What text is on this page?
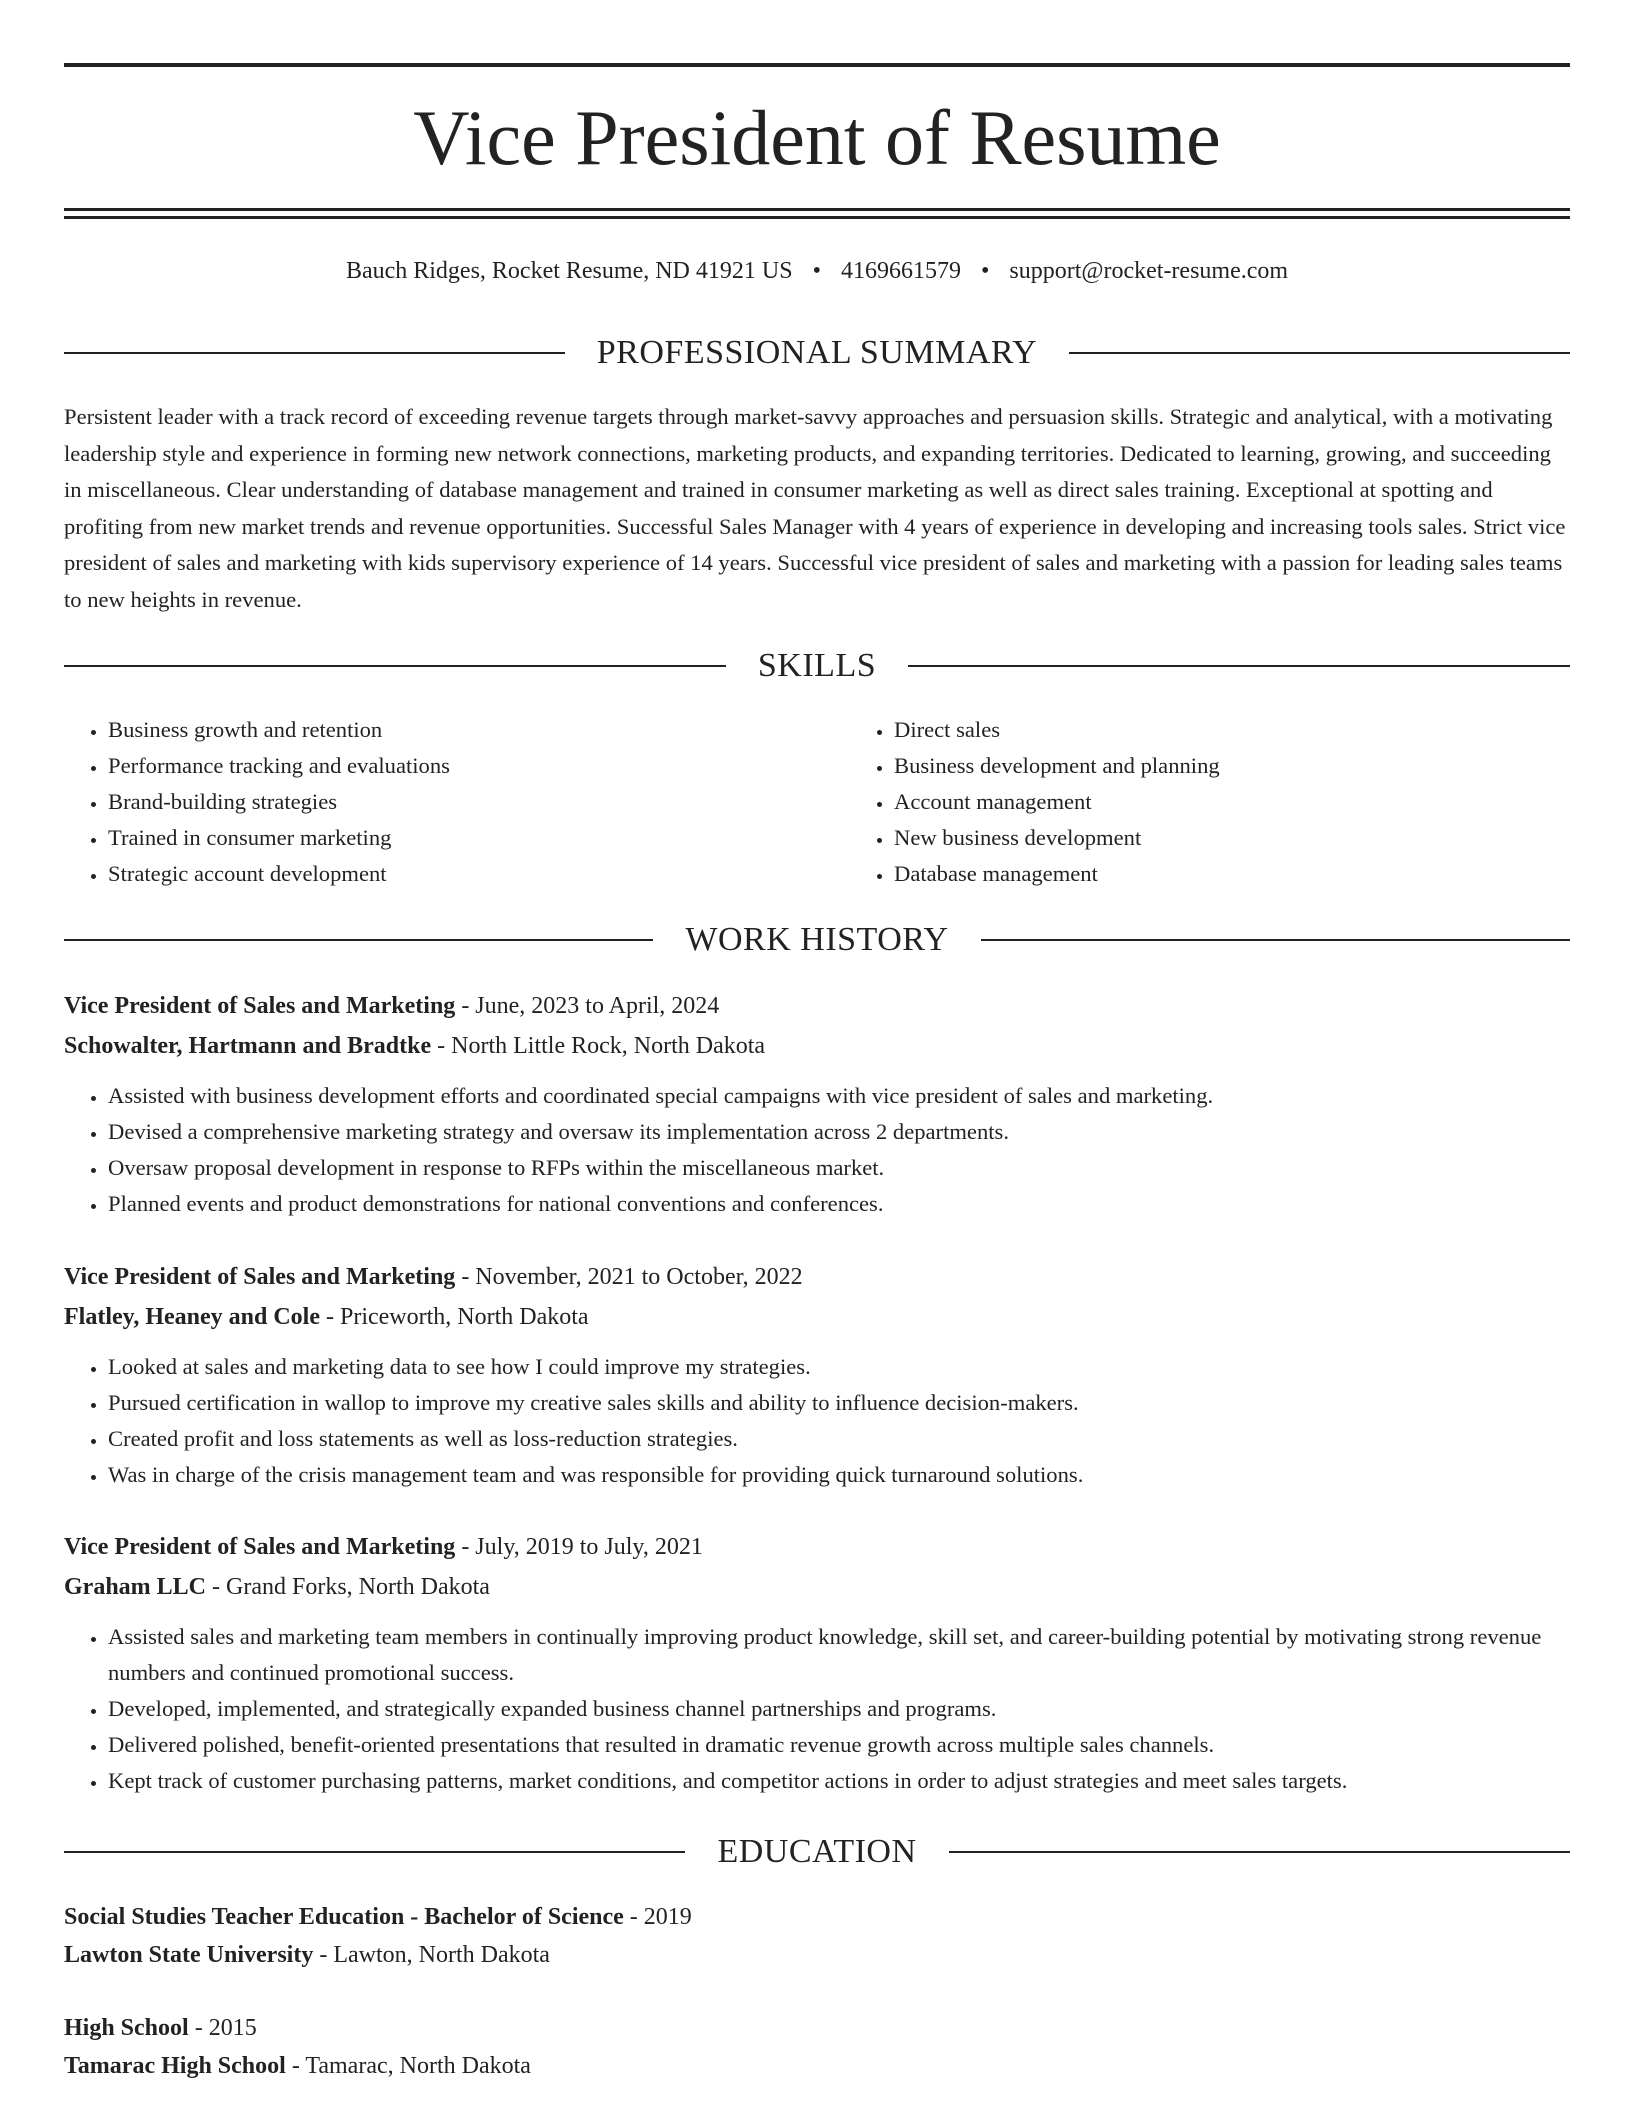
Vice President of Resume
Bauch Ridges, Rocket Resume, ND 41921 US • 4169661579 • support@rocket-resume.com
PROFESSIONAL SUMMARY

Persistent leader with a track record of exceeding revenue targets through market-savvy approaches and persuasion skills. Strategic and analytical, with a motivating leadership style and experience in forming new network connections, marketing products, and expanding territories. Dedicated to learning, growing, and succeeding in miscellaneous. Clear understanding of database management and trained in consumer marketing as well as direct sales training. Exceptional at spotting and profiting from new market trends and revenue opportunities. Successful Sales Manager with 4 years of experience in developing and increasing tools sales. Strict vice president of sales and marketing with kids supervisory experience of 14 years. Successful vice president of sales and marketing with a passion for leading sales teams to new heights in revenue.

SKILLS
• Business growth and retention
• Performance tracking and evaluations
• Brand-building strategies
• Trained in consumer marketing
• Strategic account development
• Direct sales
• Business development and planning
• Account management
• New business development
• Database management
WORK HISTORY
Vice President of Sales and Marketing - June, 2023 to April, 2024
Schowalter, Hartmann and Bradtke - North Little Rock, North Dakota
• Assisted with business development efforts and coordinated special campaigns with vice president of sales and marketing.
• Devised a comprehensive marketing strategy and oversaw its implementation across 2 departments.
• Oversaw proposal development in response to RFPs within the miscellaneous market.
• Planned events and product demonstrations for national conventions and conferences.
Vice President of Sales and Marketing - November, 2021 to October, 2022
Flatley, Heaney and Cole - Priceworth, North Dakota
• Looked at sales and marketing data to see how I could improve my strategies.
• Pursued certification in wallop to improve my creative sales skills and ability to influence decision-makers.
• Created profit and loss statements as well as loss-reduction strategies.
• Was in charge of the crisis management team and was responsible for providing quick turnaround solutions.
Vice President of Sales and Marketing - July, 2019 to July, 2021
Graham LLC - Grand Forks, North Dakota
• Assisted sales and marketing team members in continually improving product knowledge, skill set, and career-building potential by motivating strong revenue numbers and continued promotional success.
• Developed, implemented, and strategically expanded business channel partnerships and programs.
• Delivered polished, benefit-oriented presentations that resulted in dramatic revenue growth across multiple sales channels.
• Kept track of customer purchasing patterns, market conditions, and competitor actions in order to adjust strategies and meet sales targets.
EDUCATION
Social Studies Teacher Education - Bachelor of Science - 2019
Lawton State University - Lawton, North Dakota
High School - 2015
Tamarac High School - Tamarac, North Dakota
